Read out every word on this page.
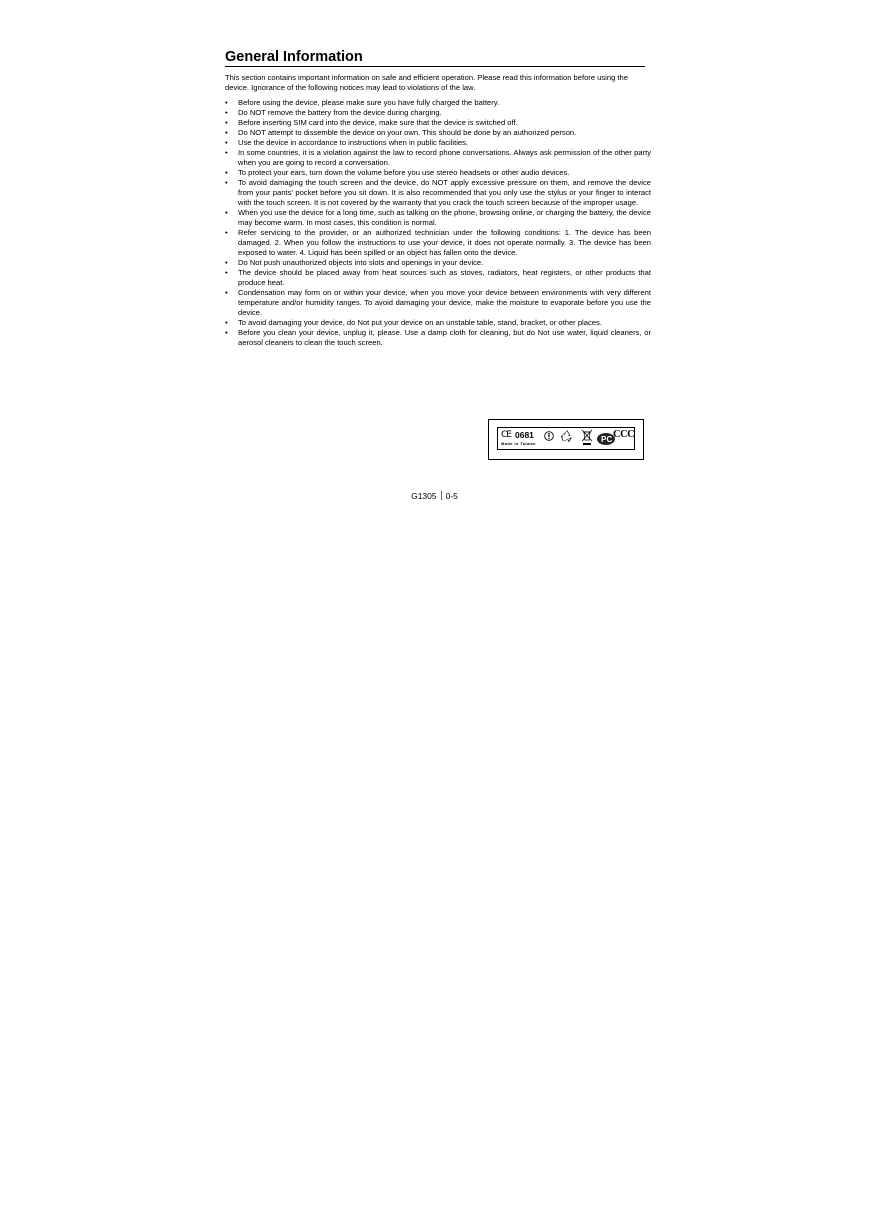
General Information

This section contains important information on safe and efficient operation. Please read this information before using the device. Ignorance of the following notices may lead to violations of the law.

• Before using the device, please make sure you have fully charged the battery.
• Do NOT remove the battery from the device during charging.
• Before inserting SIM card into the device, make sure that the device is switched off.
• Do NOT attempt to dissemble the device on your own. This should be done by an authorized person.
• Use the device in accordance to instructions when in public facilities.
• In some countries, it is a violation against the law to record phone conversations. Always ask permission of the other party when you are going to record a conversation.
• To protect your ears, turn down the volume before you use stereo headsets or other audio devices.
• To avoid damaging the touch screen and the device, do NOT apply excessive pressure on them, and remove the device from your pants' pocket before you sit down. It is also recommended that you only use the stylus or your finger to interact with the touch screen. It is not covered by the warranty that you crack the touch screen because of the improper usage.
• When you use the device for a long time, such as talking on the phone, browsing online, or charging the battery, the device may become warm. In most cases, this condition is normal.
• Refer servicing to the provider, or an authorized technician under the following conditions: 1. The device has been damaged. 2. When you follow the instructions to use your device, it does not operate normally. 3. The device has been exposed to water. 4. Liquid has been spilled or an object has fallen onto the device.
• Do Not push unauthorized objects into slots and openings in your device.
• The device should be placed away from heat sources such as stoves, radiators, heat registers, or other products that produce heat.
• Condensation may form on or within your device, when you move your device between environments with very different temperature and/or humidity ranges. To avoid damaging your device, make the moisture to evaporate before you use the device.
• To avoid damaging your device, do Not put your device on an unstable table, stand, bracket, or other places.
• Before you clean your device, unplug it, please. Use a damp cloth for cleaning, but do Not use water, liquid cleaners, or aerosol cleaners to clean the touch screen.
CE 0681
Made in Taiwan	P C CCC
G1305 0-5
